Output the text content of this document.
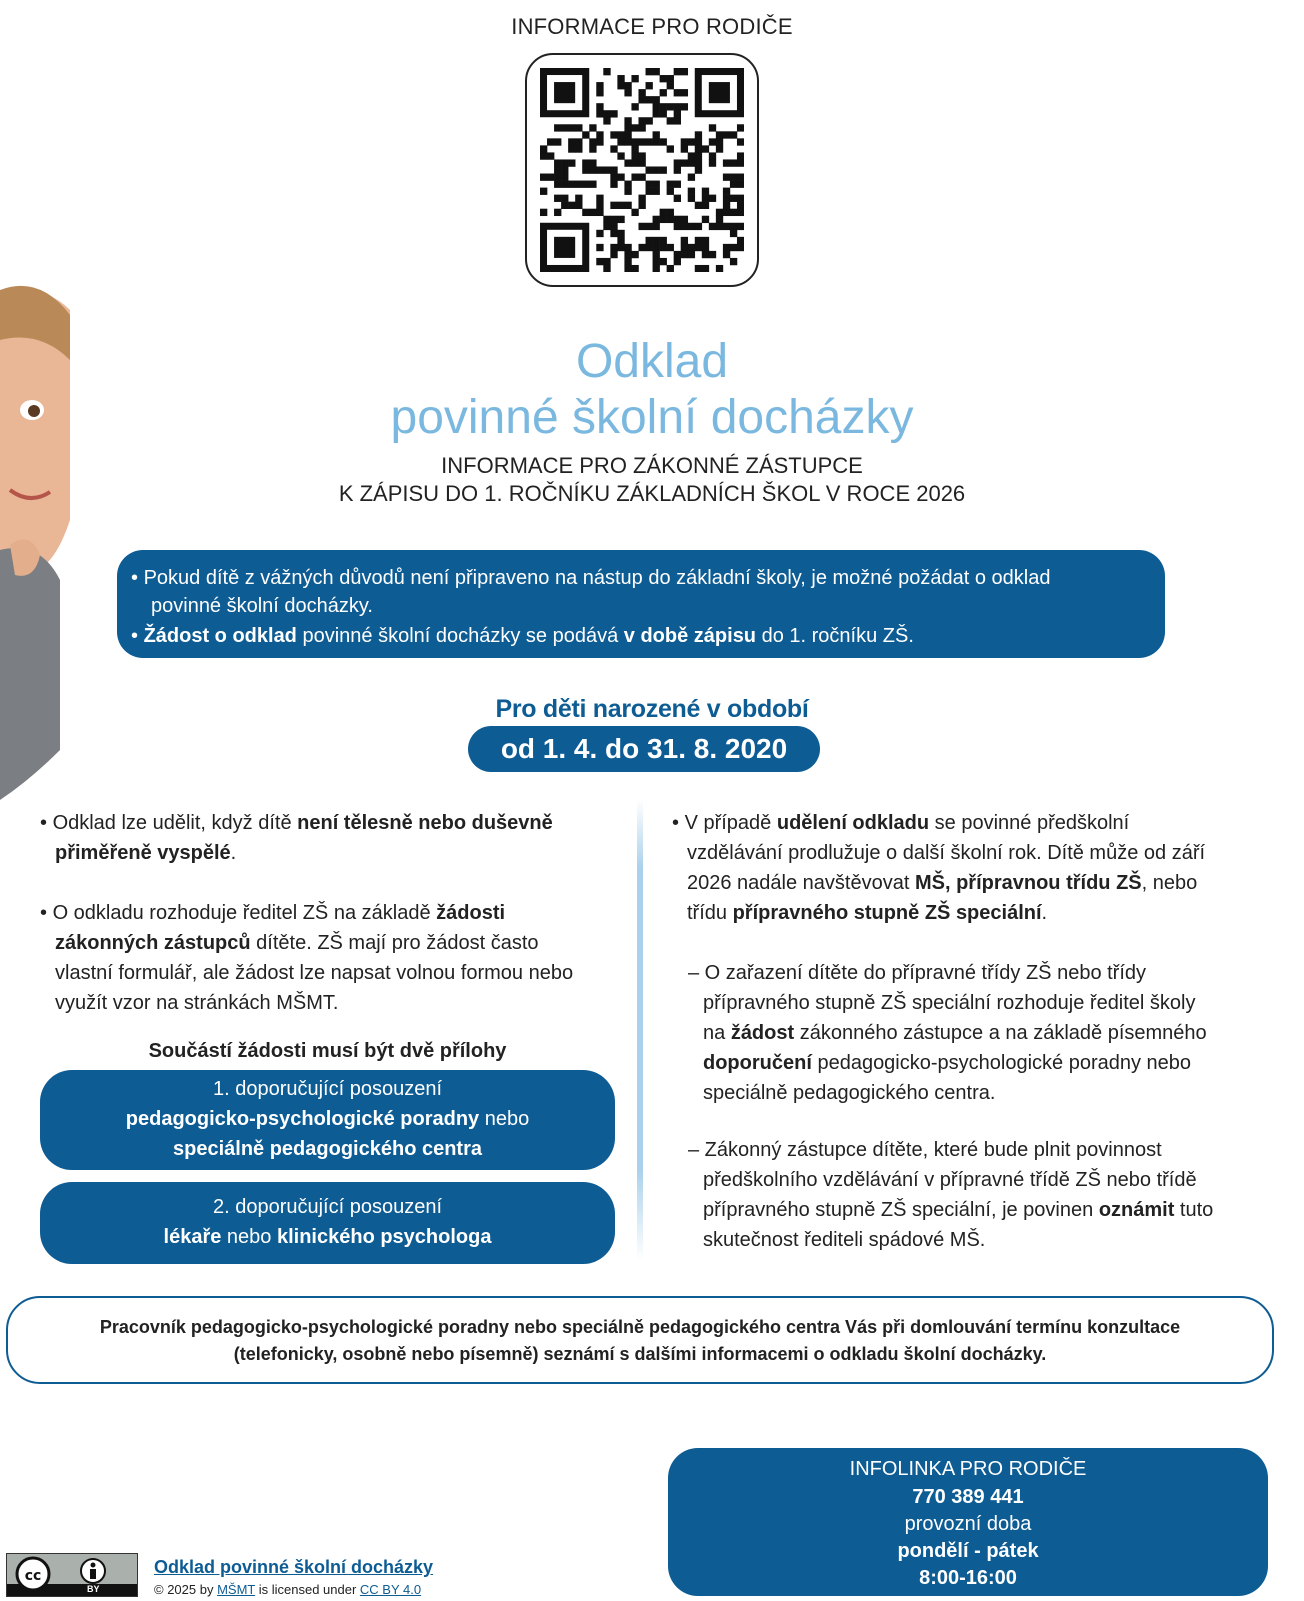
INFORMACE PRO RODIČE
Odklad
povinné školní docházky
INFORMACE PRO ZÁKONNÉ ZÁSTUPCE
K ZÁPISU DO 1. ROČNÍKU ZÁKLADNÍCH ŠKOL V ROCE 2026
• Pokud dítě z vážných důvodů není připraveno na nástup do základní školy, je možné požádat o odklad
povinné školní docházky.
• Žádost o odklad povinné školní docházky se podává v době zápisu do 1. ročníku ZŠ.
Pro děti narozené v období
od 1. 4. do 31. 8. 2020
• Odklad lze udělit, když dítě není tělesně nebo duševně
přiměřeně vyspělé.
• O odkladu rozhoduje ředitel ZŠ na základě žádosti
zákonných zástupců dítěte. ZŠ mají pro žádost často
vlastní formulář, ale žádost lze napsat volnou formou nebo
využít vzor na stránkách MŠMT.
Součástí žádosti musí být dvě přílohy
1. doporučující posouzení
pedagogicko-psychologické poradny nebo
speciálně pedagogického centra
2. doporučující posouzení
lékaře nebo klinického psychologa
• V případě udělení odkladu se povinné předškolní
vzdělávání prodlužuje o další školní rok. Dítě může od září
2026 nadále navštěvovat MŠ, přípravnou třídu ZŠ, nebo
třídu přípravného stupně ZŠ speciální.
– O zařazení dítěte do přípravné třídy ZŠ nebo třídy
přípravného stupně ZŠ speciální rozhoduje ředitel školy
na žádost zákonného zástupce a na základě písemného
doporučení pedagogicko-psychologické poradny nebo
speciálně pedagogického centra.
– Zákonný zástupce dítěte, které bude plnit povinnost
předškolního vzdělávání v přípravné třídě ZŠ nebo třídě
přípravného stupně ZŠ speciální, je povinen oznámit tuto
skutečnost řediteli spádové MŠ.
Pracovník pedagogicko-psychologické poradny nebo speciálně pedagogického centra Vás při domlouvání termínu konzultace
(telefonicky, osobně nebo písemně) seznámí s dalšími informacemi o odkladu školní docházky.
INFOLINKA PRO RODIČE
770 389 441
provozní doba
pondělí - pátek
8:00-16:00
cc
BY
Odklad povinné školní docházky
© 2025 by MŠMT is licensed under CC BY 4.0
